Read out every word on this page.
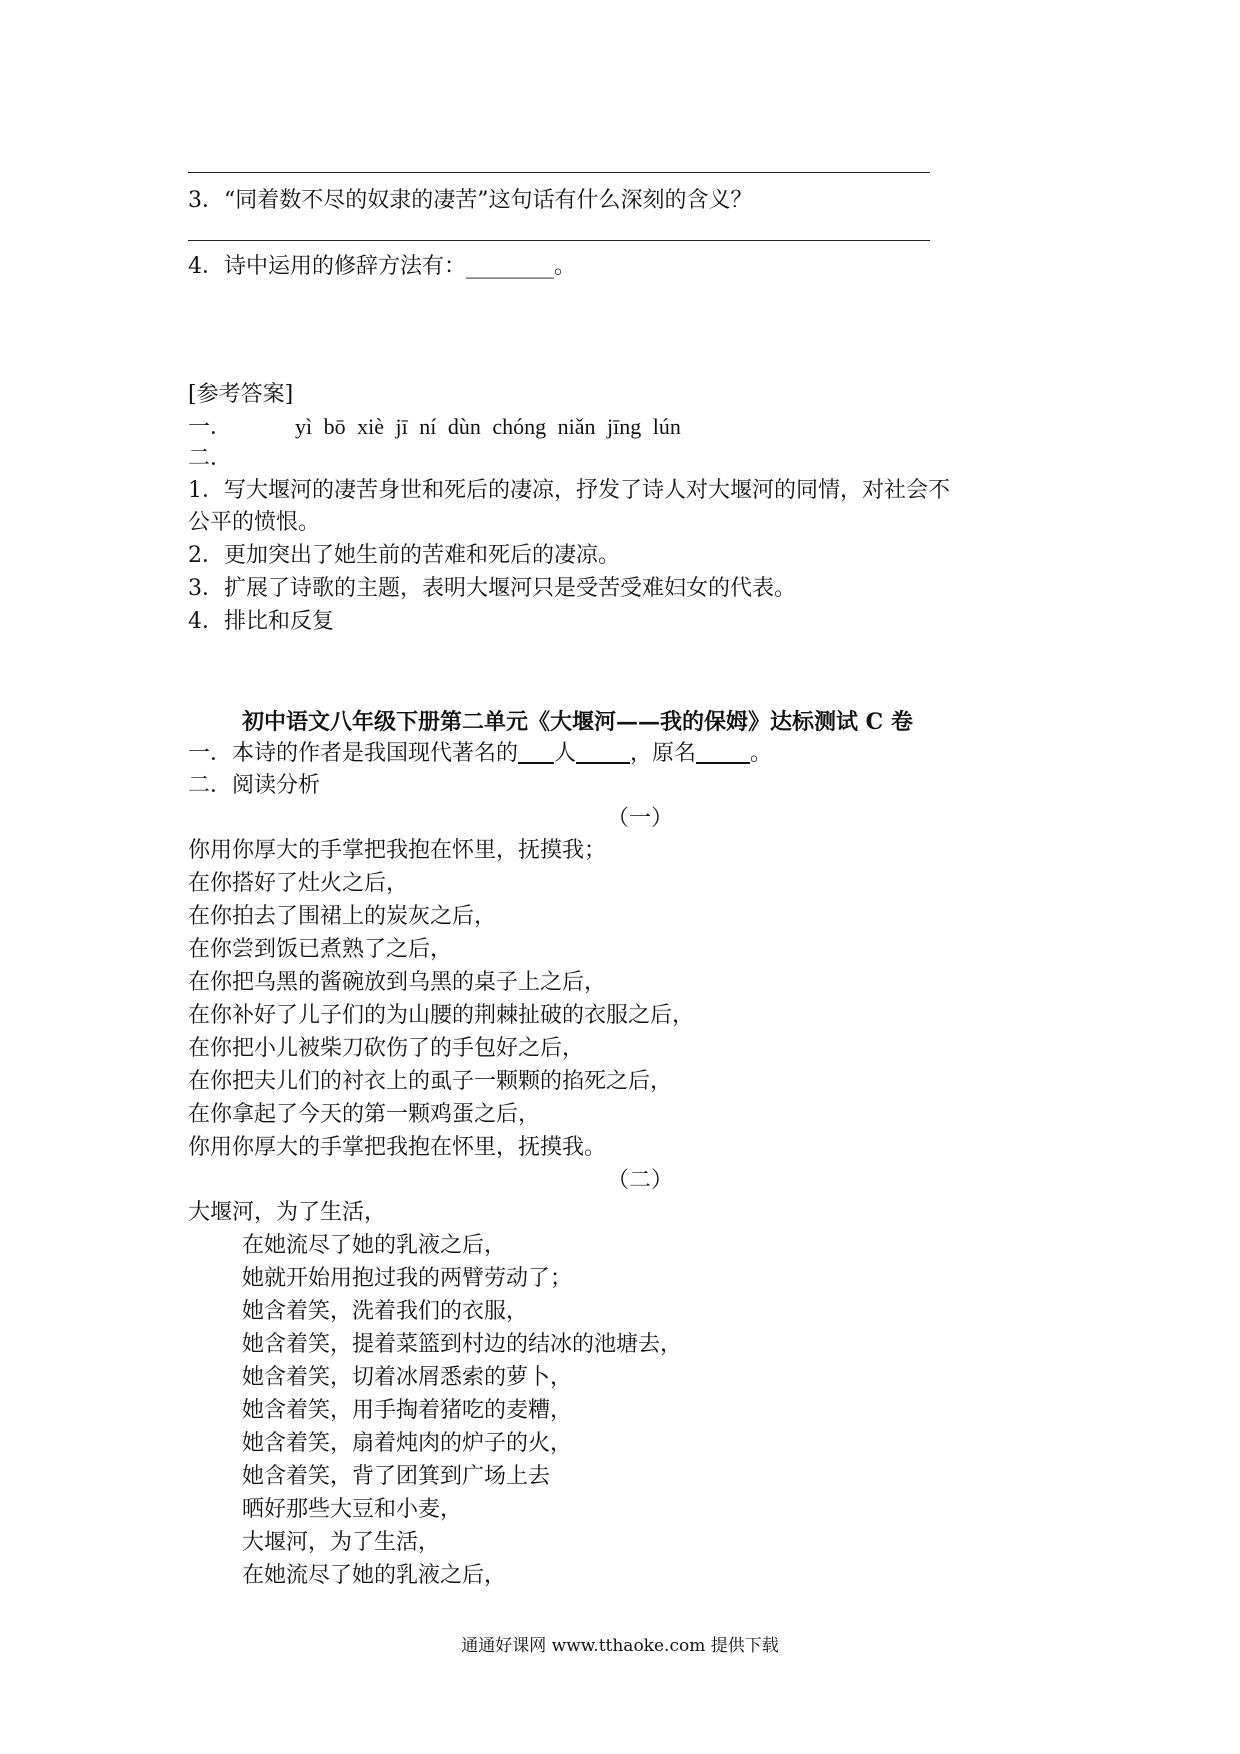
3．“同着数不尽的奴隶的凄苦”这句话有什么深刻的含义？
4．诗中运用的修辞方法有：________。
[参考答案]
一．	yì bō xiè jī ní dùn chóng niǎn jīng lún
二．
1．写大堰河的凄苦身世和死后的凄凉，抒发了诗人对大堰河的同情，对社会不
公平的愤恨。
2．更加突出了她生前的苦难和死后的凄凉。
3．扩展了诗歌的主题，表明大堰河只是受苦受难妇女的代表。
4．排比和反复
初中语文八年级下册第二单元《大堰河——我的保姆》达标测试 C 卷
一．本诗的作者是我国现代著名的 人 ，原名 。
二．阅读分析
（一）
你用你厚大的手掌把我抱在怀里，抚摸我；
在你搭好了灶火之后，
在你拍去了围裙上的炭灰之后，
在你尝到饭已煮熟了之后，
在你把乌黑的酱碗放到乌黑的桌子上之后，
在你补好了儿子们的为山腰的荆棘扯破的衣服之后，
在你把小儿被柴刀砍伤了的手包好之后，
在你把夫儿们的衬衣上的虱子一颗颗的掐死之后，
在你拿起了今天的第一颗鸡蛋之后，
你用你厚大的手掌把我抱在怀里，抚摸我。
（二）
大堰河，为了生活，
在她流尽了她的乳液之后，
她就开始用抱过我的两臂劳动了；
她含着笑，洗着我们的衣服，
她含着笑，提着菜篮到村边的结冰的池塘去，
她含着笑，切着冰屑悉索的萝卜，
她含着笑，用手掏着猪吃的麦糟，
她含着笑，扇着炖肉的炉子的火，
她含着笑，背了团箕到广场上去
晒好那些大豆和小麦，
大堰河，为了生活，
在她流尽了她的乳液之后，
通通好课网 www.tthaoke.com 提供下载
